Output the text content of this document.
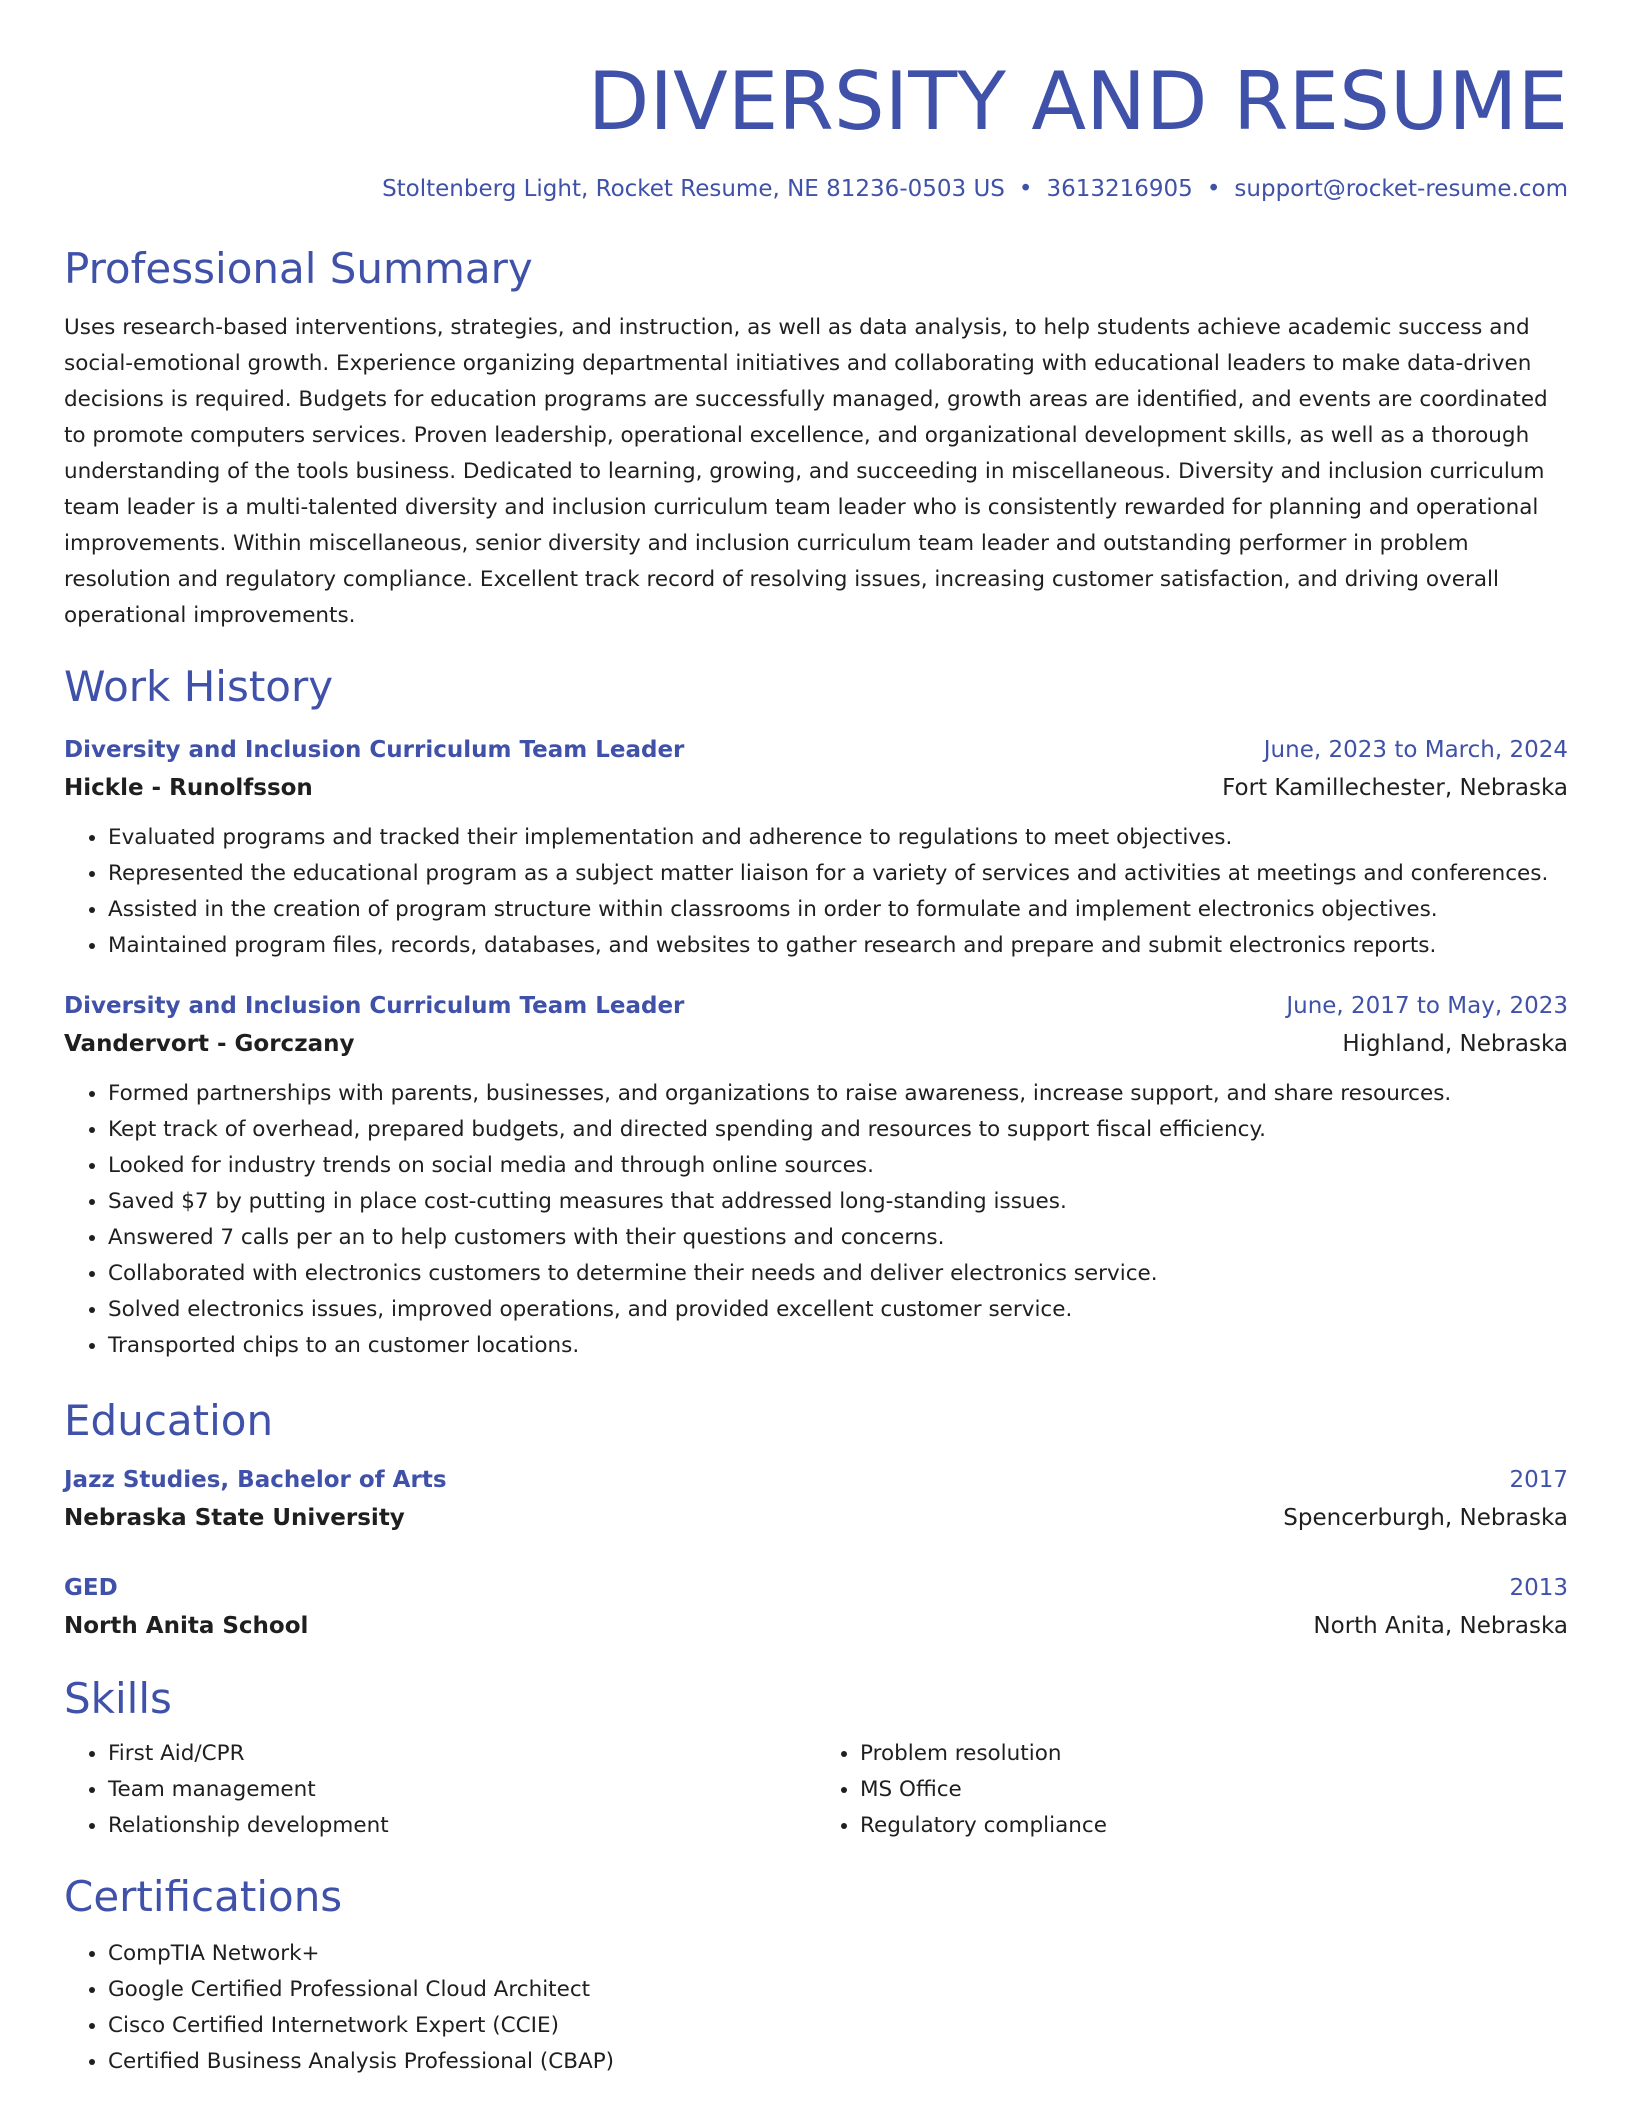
DIVERSITY AND RESUME
Stoltenberg Light, Rocket Resume, NE 81236-0503 US • 3613216905 • support@rocket-resume.com
Professional Summary
Uses research-based interventions, strategies, and instruction, as well as data analysis, to help students achieve academic success and social-emotional growth. Experience organizing departmental initiatives and collaborating with educational leaders to make data-driven decisions is required. Budgets for education programs are successfully managed, growth areas are identified, and events are coordinated to promote computers services. Proven leadership, operational excellence, and organizational development skills, as well as a thorough understanding of the tools business. Dedicated to learning, growing, and succeeding in miscellaneous. Diversity and inclusion curriculum team leader is a multi-talented diversity and inclusion curriculum team leader who is consistently rewarded for planning and operational improvements. Within miscellaneous, senior diversity and inclusion curriculum team leader and outstanding performer in problem resolution and regulatory compliance. Excellent track record of resolving issues, increasing customer satisfaction, and driving overall operational improvements.
Work History
Diversity and Inclusion Curriculum Team Leader	June, 2023 to March, 2024
Hickle - Runolfsson	Fort Kamillechester, Nebraska
• Evaluated programs and tracked their implementation and adherence to regulations to meet objectives.
• Represented the educational program as a subject matter liaison for a variety of services and activities at meetings and conferences.
• Assisted in the creation of program structure within classrooms in order to formulate and implement electronics objectives.
• Maintained program files, records, databases, and websites to gather research and prepare and submit electronics reports.
Diversity and Inclusion Curriculum Team Leader	June, 2017 to May, 2023
Vandervort - Gorczany	Highland, Nebraska
• Formed partnerships with parents, businesses, and organizations to raise awareness, increase support, and share resources.
• Kept track of overhead, prepared budgets, and directed spending and resources to support fiscal efficiency.
• Looked for industry trends on social media and through online sources.
• Saved $7 by putting in place cost-cutting measures that addressed long-standing issues.
• Answered 7 calls per an to help customers with their questions and concerns.
• Collaborated with electronics customers to determine their needs and deliver electronics service.
• Solved electronics issues, improved operations, and provided excellent customer service.
• Transported chips to an customer locations.
Education
Jazz Studies, Bachelor of Arts	2017
Nebraska State University	Spencerburgh, Nebraska
GED	2013
North Anita School	North Anita, Nebraska
Skills
• First Aid/CPR
• Team management
• Relationship development
• Problem resolution
• MS Office
• Regulatory compliance
Certifications
• CompTIA Network+
• Google Certified Professional Cloud Architect
• Cisco Certified Internetwork Expert (CCIE)
• Certified Business Analysis Professional (CBAP)
